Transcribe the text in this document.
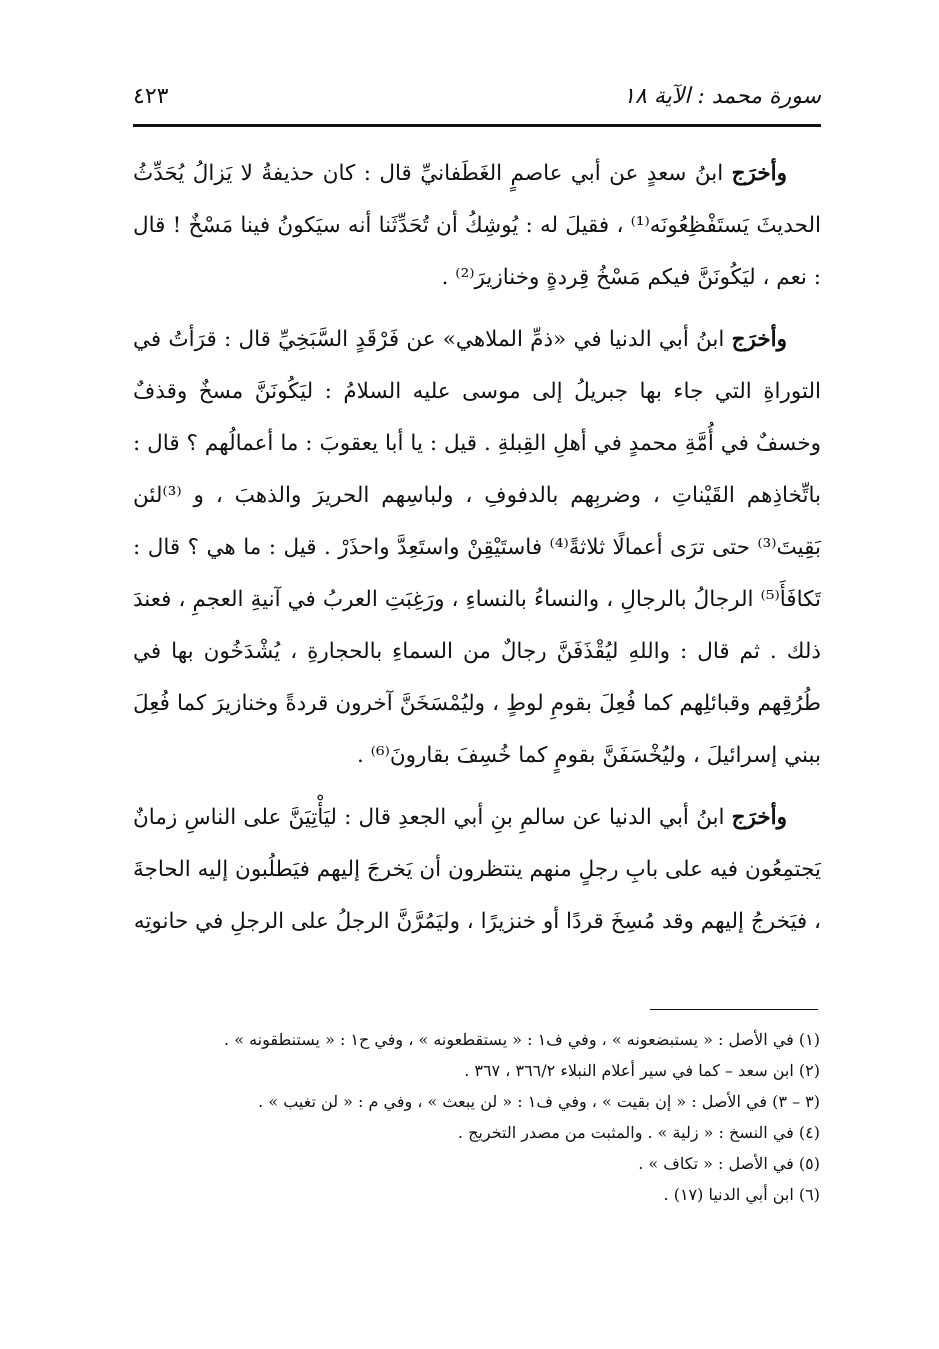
سورة محمد : الآية ١٨
٤٢٣

وأخرَج ابنُ سعدٍ عن أبي عاصمٍ الغَطَفانيِّ قال : كان حذيفةُ لا يَزالُ يُحَدِّثُ الحديثَ يَستَفْظِعُونَه⁽¹⁾ ، فقيلَ له : يُوشِكُ أن تُحَدِّثَنا أنه سيَكونُ فينا مَسْخٌ ! قال : نعم ، ليَكُونَنَّ فيكم مَسْخُ قِردةٍ وخنازيرَ⁽²⁾ .

وأخرَج ابنُ أبي الدنيا في «ذمِّ الملاهي» عن فَرْقَدٍ السَّبَخِيِّ قال : قرَأتُ في التوراةِ التي جاء بها جبريلُ إلى موسى عليه السلامُ : ليَكُونَنَّ مسخٌ وقذفٌ وخسفٌ في أُمَّةِ محمدٍ في أهلِ القِبلةِ . قيل : يا أبا يعقوبَ : ما أعمالُهم ؟ قال : باتِّخاذِهم القَيْناتِ ، وضربِهم بالدفوفِ ، ولباسِهم الحريرَ والذهبَ ، و ⁽³⁾لئن بَقِيتَ⁽³⁾ حتى ترَى أعمالًا ثلاثةً⁽⁴⁾ فاستَيْقِنْ واستَعِدَّ واحذَرْ . قيل : ما هي ؟ قال : تَكافَأَ⁽⁵⁾ الرجالُ بالرجالِ ، والنساءُ بالنساءِ ، ورَغِبَتِ العربُ في آنيةِ العجمِ ، فعندَ ذلك . ثم قال : واللهِ ليُقْذَفَنَّ رجالٌ من السماءِ بالحجارةِ ، يُشْدَخُون بها في طُرُقِهم وقبائلِهم كما فُعِلَ بقومِ لوطٍ ، وليُمْسَخَنَّ آخرون قردةً وخنازيرَ كما فُعِلَ ببني إسرائيلَ ، وليُخْسَفَنَّ بقومٍ كما خُسِفَ بقارونَ⁽⁶⁾ .

وأخرَج ابنُ أبي الدنيا عن سالمِ بنِ أبي الجعدِ قال : ليَأْتِيَنَّ على الناسِ زمانٌ يَجتمِعُون فيه على بابِ رجلٍ منهم ينتظرون أن يَخرجَ إليهم فيَطلُبون إليه الحاجةَ ، فيَخرجُ إليهم وقد مُسِخَ قردًا أو خنزيرًا ، وليَمُرَّنَّ الرجلُ على الرجلِ في حانوتِه

(١) في الأصل : « يستبضعونه » ، وفي ف١ : « يستقطعونه » ، وفي ح١ : « يستنطقونه » .

(٢) ابن سعد – كما في سير أعلام النبلاء ٣٦٦/٢ ، ٣٦٧ .

(٣ – ٣) في الأصل : « إن بقيت » ، وفي ف١ : « لن يبعث » ، وفي م : « لن تغيب » .

(٤) في النسخ : « زلية » . والمثبت من مصدر التخريج .

(٥) في الأصل : « تكاف » .

(٦) ابن أبي الدنيا (١٧) .
